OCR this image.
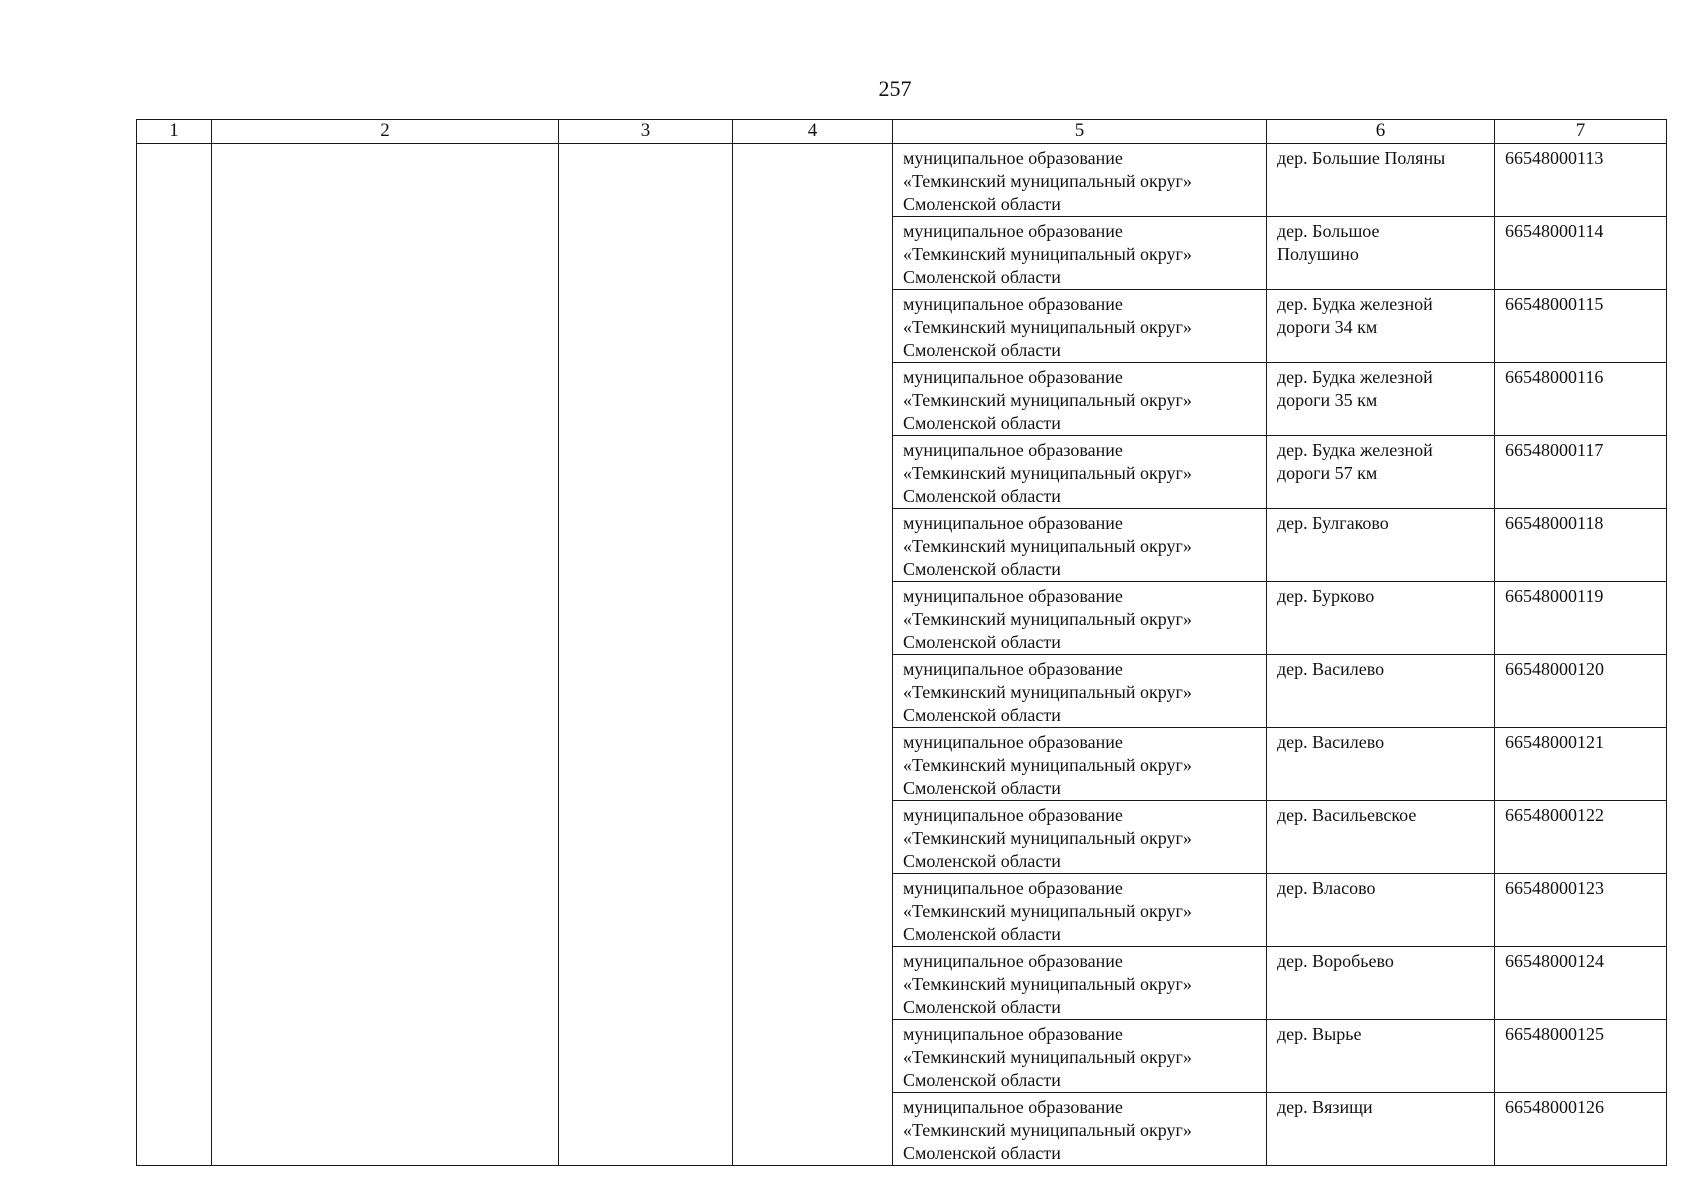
257
1	2	3	4	5	6	7

				муниципальное образование
«Темкинский муниципальный округ»
Смоленской области	дер. Большие Поляны	66548000113

				муниципальное образование
«Темкинский муниципальный округ»
Смоленской области	дер. Большое
Полушино	66548000114

				муниципальное образование
«Темкинский муниципальный округ»
Смоленской области	дер. Будка железной
дороги 34 км	66548000115

				муниципальное образование
«Темкинский муниципальный округ»
Смоленской области	дер. Будка железной
дороги 35 км	66548000116

				муниципальное образование
«Темкинский муниципальный округ»
Смоленской области	дер. Будка железной
дороги 57 км	66548000117

				муниципальное образование
«Темкинский муниципальный округ»
Смоленской области	дер. Булгаково	66548000118

				муниципальное образование
«Темкинский муниципальный округ»
Смоленской области	дер. Бурково	66548000119

				муниципальное образование
«Темкинский муниципальный округ»
Смоленской области	дер. Василево	66548000120

				муниципальное образование
«Темкинский муниципальный округ»
Смоленской области	дер. Василево	66548000121

				муниципальное образование
«Темкинский муниципальный округ»
Смоленской области	дер. Васильевское	66548000122

				муниципальное образование
«Темкинский муниципальный округ»
Смоленской области	дер. Власово	66548000123

				муниципальное образование
«Темкинский муниципальный округ»
Смоленской области	дер. Воробьево	66548000124

				муниципальное образование
«Темкинский муниципальный округ»
Смоленской области	дер. Вырье	66548000125

				муниципальное образование
«Темкинский муниципальный округ»
Смоленской области	дер. Вязищи	66548000126
